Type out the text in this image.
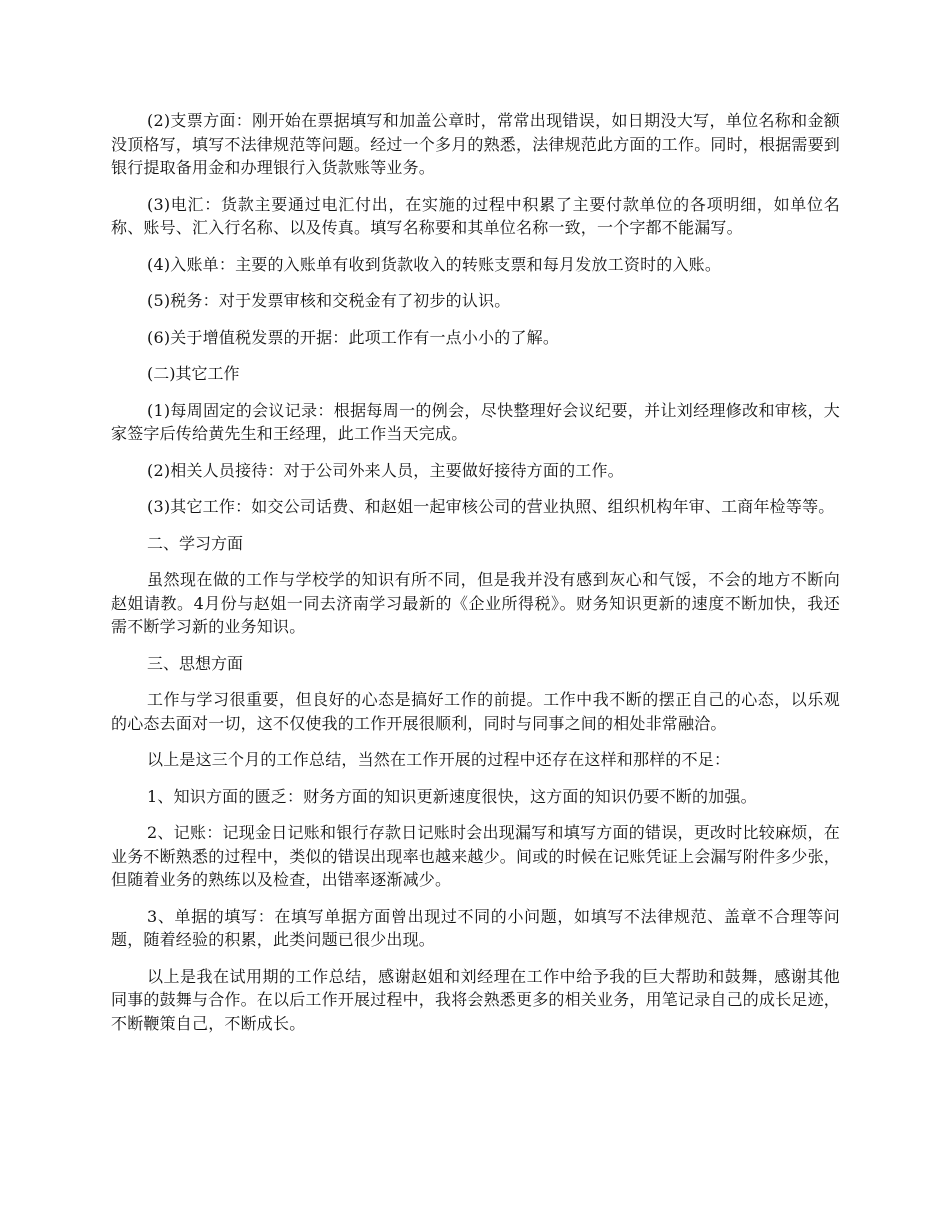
(2)支票方面：刚开始在票据填写和加盖公章时，常常出现错误，如日期没大写，单位名称和金额没顶格写，填写不法律规范等问题。经过一个多月的熟悉，法律规范此方面的工作。同时，根据需要到银行提取备用金和办理银行入货款账等业务。

(3)电汇：货款主要通过电汇付出，在实施的过程中积累了主要付款单位的各项明细，如单位名称、账号、汇入行名称、以及传真。填写名称要和其单位名称一致，一个字都不能漏写。

(4)入账单：主要的入账单有收到货款收入的转账支票和每月发放工资时的入账。

(5)税务：对于发票审核和交税金有了初步的认识。

(6)关于增值税发票的开据：此项工作有一点小小的了解。

(二)其它工作

(1)每周固定的会议记录：根据每周一的例会，尽快整理好会议纪要，并让刘经理修改和审核，大家签字后传给黄先生和王经理，此工作当天完成。

(2)相关人员接待：对于公司外来人员，主要做好接待方面的工作。

(3)其它工作：如交公司话费、和赵姐一起审核公司的营业执照、组织机构年审、工商年检等等。

二、学习方面

虽然现在做的工作与学校学的知识有所不同，但是我并没有感到灰心和气馁，不会的地方不断向赵姐请教。4月份与赵姐一同去济南学习最新的《企业所得税》。财务知识更新的速度不断加快，我还需不断学习新的业务知识。

三、思想方面

工作与学习很重要，但良好的心态是搞好工作的前提。工作中我不断的摆正自己的心态，以乐观的心态去面对一切，这不仅使我的工作开展很顺利，同时与同事之间的相处非常融洽。

以上是这三个月的工作总结，当然在工作开展的过程中还存在这样和那样的不足：

1、知识方面的匮乏：财务方面的知识更新速度很快，这方面的知识仍要不断的加强。

2、记账：记现金日记账和银行存款日记账时会出现漏写和填写方面的错误，更改时比较麻烦，在业务不断熟悉的过程中，类似的错误出现率也越来越少。间或的时候在记账凭证上会漏写附件多少张，但随着业务的熟练以及检查，出错率逐渐减少。

3、单据的填写：在填写单据方面曾出现过不同的小问题，如填写不法律规范、盖章不合理等问题，随着经验的积累，此类问题已很少出现。

以上是我在试用期的工作总结，感谢赵姐和刘经理在工作中给予我的巨大帮助和鼓舞，感谢其他同事的鼓舞与合作。在以后工作开展过程中，我将会熟悉更多的相关业务，用笔记录自己的成长足迹，不断鞭策自己，不断成长。
